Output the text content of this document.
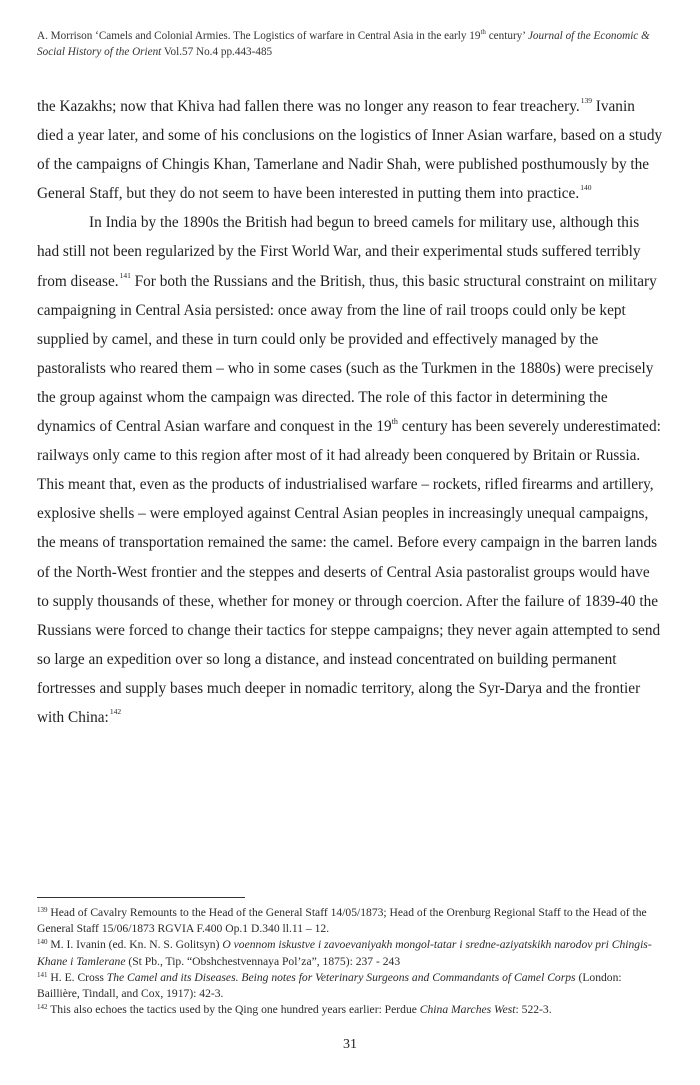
A. Morrison ‘Camels and Colonial Armies. The Logistics of warfare in Central Asia in the early 19th century’ Journal of the Economic & Social History of the Orient Vol.57 No.4 pp.443-485

the Kazakhs; now that Khiva had fallen there was no longer any reason to fear treachery.$^{139}$ Ivanin died a year later, and some of his conclusions on the logistics of Inner Asian warfare, based on a study of the campaigns of Chingis Khan, Tamerlane and Nadir Shah, were published posthumously by the General Staff, but they do not seem to have been interested in putting them into practice.$^{140}$

In India by the 1890s the British had begun to breed camels for military use, although this had still not been regularized by the First World War, and their experimental studs suffered terribly from disease.$^{141}$ For both the Russians and the British, thus, this basic structural constraint on military campaigning in Central Asia persisted: once away from the line of rail troops could only be kept supplied by camel, and these in turn could only be provided and effectively managed by the pastoralists who reared them – who in some cases (such as the Turkmen in the 1880s) were precisely the group against whom the campaign was directed. The role of this factor in determining the dynamics of Central Asian warfare and conquest in the 19th century has been severely underestimated: railways only came to this region after most of it had already been conquered by Britain or Russia. This meant that, even as the products of industrialised warfare – rockets, rifled firearms and artillery, explosive shells – were employed against Central Asian peoples in increasingly unequal campaigns, the means of transportation remained the same: the camel. Before every campaign in the barren lands of the North-West frontier and the steppes and deserts of Central Asia pastoralist groups would have to supply thousands of these, whether for money or through coercion. After the failure of 1839-40 the Russians were forced to change their tactics for steppe campaigns; they never again attempted to send so large an expedition over so long a distance, and instead concentrated on building permanent fortresses and supply bases much deeper in nomadic territory, along the Syr-Darya and the frontier with China:$^{142}$

$^{139}$ Head of Cavalry Remounts to the Head of the General Staff 14/05/1873; Head of the Orenburg Regional Staff to the Head of the General Staff 15/06/1873 RGVIA F.400 Op.1 D.340 ll.11 – 12.

$^{140}$ M. I. Ivanin (ed. Kn. N. S. Golitsyn) O voennom iskustve i zavoevaniyakh mongol-tatar i sredne-aziyatskikh narodov pri Chingis-Khane i Tamlerane (St Pb., Tip. “Obshchestvennaya Pol’za”, 1875): 237 - 243

$^{141}$ H. E. Cross The Camel and its Diseases. Being notes for Veterinary Surgeons and Commandants of Camel Corps (London: Baillière, Tindall, and Cox, 1917): 42-3.

$^{142}$ This also echoes the tactics used by the Qing one hundred years earlier: Perdue China Marches West: 522-3.

31
